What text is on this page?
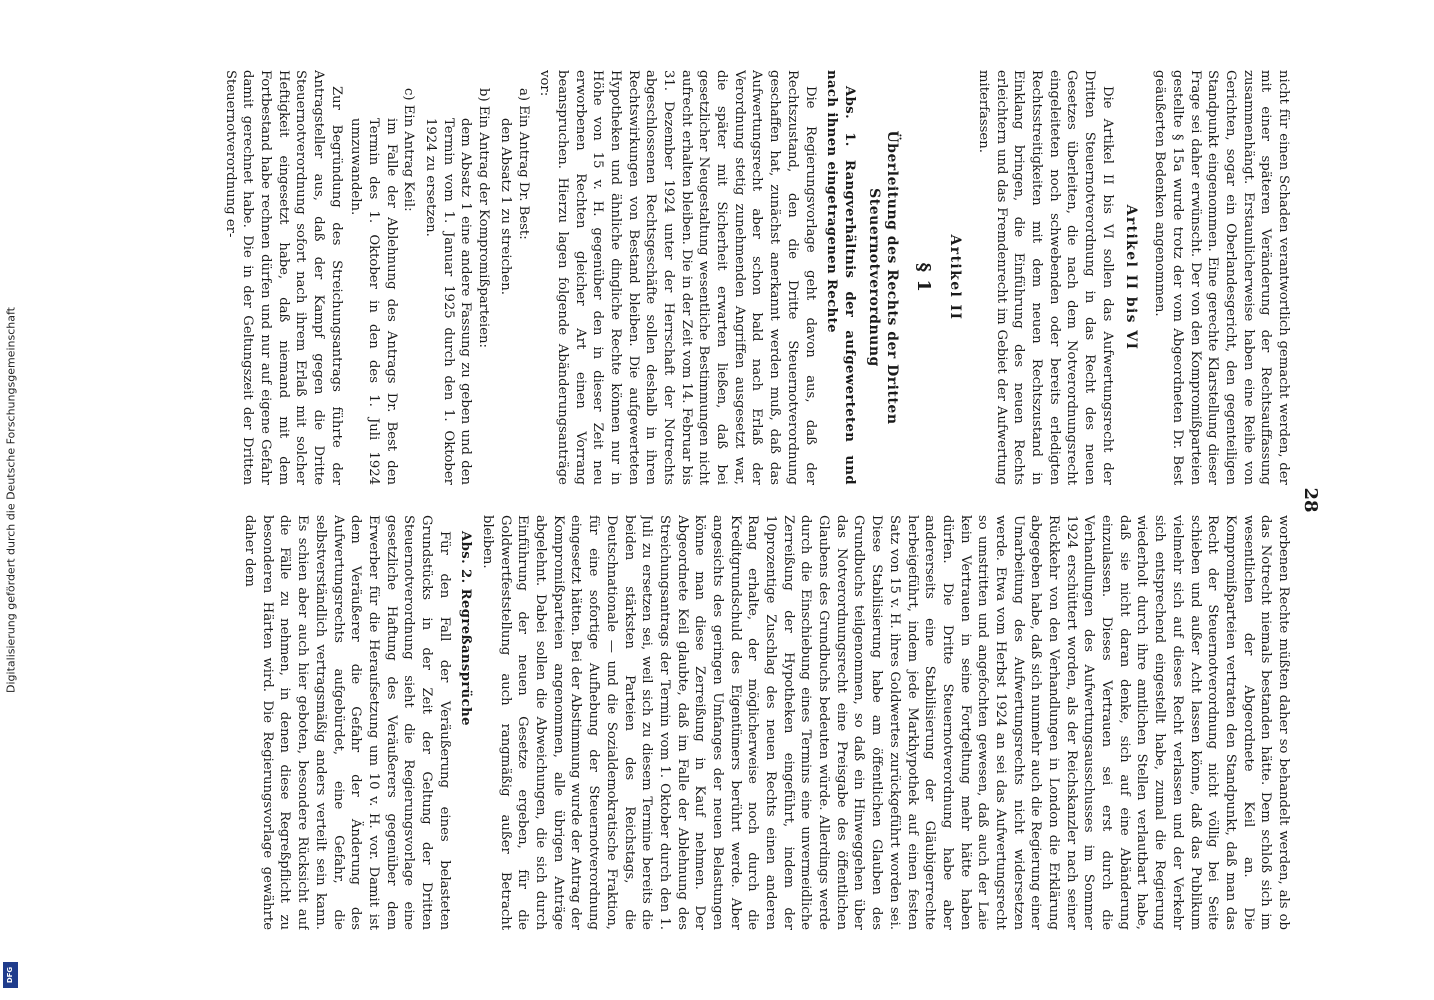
Digitalisierung gefördert durch die Deutsche Forschungsgemeinschaft
DFG
28

nicht für einen Schaden verantwortlich gemacht werden, der mit einer späteren Veränderung der Rechtsauffassung zusammenhängt. Erstaunlicherweise haben eine Reihe von Gerichten, sogar ein Oberlandesgericht, den gegenteiligen Standpunkt eingenommen. Eine gerechte Klarstellung dieser Frage sei daher erwünscht. Der von den Kompromißparteien gestellte § 15a wurde trotz der vom Abgeordneten Dr. Best geäußerten Bedenken angenommen.

Artikel II bis VI

Die Artikel II bis VI sollen das Aufwertungsrecht der Dritten Steuernotverordnung in das Recht des neuen Gesetzes überleiten, die nach dem Notverordnungsrecht eingeleiteten noch schwebenden oder bereits erledigten Rechtsstreitigkeiten mit dem neuen Rechtszustand in Einklang bringen, die Einführung des neuen Rechts erleichtern und das Fremdenrecht im Gebiet der Aufwertung miterfassen.

Artikel II
§ 1
Überleitung des Rechts der Dritten Steuernotverordnung
Abs. 1. Rangverhältnis der aufgewerteten und nach ihnen eingetragenen Rechte

Die Regierungsvorlage geht davon aus, daß der Rechtszustand, den die Dritte Steuernotverordnung geschaffen hat, zunächst anerkannt werden muß, daß das Aufwertungsrecht aber schon bald nach Erlaß der Verordnung stetig zunehmenden Angriffen ausgesetzt war, die später mit Sicherheit erwarten ließen, daß bei gesetzlicher Neugestaltung wesentliche Bestimmungen nicht aufrecht erhalten bleiben. Die in der Zeit vom 14. Februar bis 31. Dezember 1924 unter der Herrschaft der Notrechts abgeschlossenen Rechtsgeschäfte sollen deshalb in ihren Rechtswirkungen von Bestand bleiben. Die aufgewerteten Hypotheken und ähnliche dingliche Rechte können nur in Höhe von 15 v. H. gegenüber den in dieser Zeit neu erworbenen Rechten gleicher Art einen Vorrang beanspruchen. Hierzu lagen folgende Abänderungsanträge vor:

a) Ein Antrag Dr. Best:
den Absatz 1 zu streichen.
b) Ein Antrag der Kompromißparteien:
dem Absatz 1 eine andere Fassung zu geben und den Termin vom 1. Januar 1925 durch den 1. Oktober 1924 zu ersetzen.
c) Ein Antrag Keil:
im Falle der Ablehnung des Antrags Dr. Best den Termin des 1. Oktober in den des 1. Juli 1924 umzuwandeln.

Zur Begründung des Streichungsantrags führte der Antragsteller aus, daß der Kampf gegen die Dritte Steuernotverordnung sofort nach ihrem Erlaß mit solcher Heftigkeit eingesetzt habe, daß niemand mit dem Fortbestand habe rechnen dürfen und nur auf eigene Gefahr damit gerechnet habe. Die in der Geltungszeit der Dritten Steuernotverordnung er-

worbenen Rechte müßten daher so behandelt werden, als ob das Notrecht niemals bestanden hätte. Dem schloß sich im wesentlichen der Abgeordnete Keil an. Die Kompromißparteien vertraten den Standpunkt, daß man das Recht der Steuernotverordnung nicht völlig bei Seite schieben und außer Acht lassen könne, daß das Publikum vielmehr sich auf dieses Recht verlassen und der Verkehr sich entsprechend eingestellt habe, zumal die Regierung wiederholt durch ihre amtlichen Stellen verlautbart habe, daß sie nicht daran denke, sich auf eine Abänderung einzulassen. Dieses Vertrauen sei erst durch die Verhandlungen des Aufwertungsausschusses im Sommer 1924 erschüttert worden, als der Reichskanzler nach seiner Rückkehr von den Verhandlungen in London die Erklärung abgegeben habe, daß sich nunmehr auch die Regierung einer Umarbeitung des Aufwertungsrechts nicht widersetzen werde. Etwa vom Herbst 1924 an sei das Aufwertungsrecht so umstritten und angefochten gewesen, daß auch der Laie kein Vertrauen in seine Fortgeltung mehr hätte haben dürfen. Die Dritte Steuernotverordnung habe aber andererseits eine Stabilisierung der Gläubigerrechte herbeigeführt, indem jede Markhypothek auf einen festen Satz von 15 v. H. ihres Goldwertes zurückgeführt worden sei. Diese Stabilisierung habe am öffentlichen Glauben des Grundbuchs teilgenommen, so daß ein Hinweggehen über das Notverordnungsrecht eine Preisgabe des öffentlichen Glaubens des Grundbuchs bedeuten würde. Allerdings werde durch die Einschiebung eines Termins eine unvermeidliche Zerreißung der Hypotheken eingeführt, indem der 10prozentige Zuschlag des neuen Rechts einen anderen Rang erhalte, der möglicherweise noch durch die Kreditgrundschuld des Eigentümers berührt werde. Aber angesichts des geringen Umfanges der neuen Belastungen könne man diese Zerreißung in Kauf nehmen. Der Abgeordnete Keil glaubte, daß im Falle der Ablehnung des Streichungsantrags der Termin vom 1. Oktober durch den 1. Juli zu ersetzen sei, weil sich zu diesem Termine bereits die beiden stärksten Parteien des Reichstags, die Deutschnationale — und die Sozialdemokratische Fraktion, für eine sofortige Aufhebung der Steuernotverordnung eingesetzt hätten. Bei der Abstimmung wurde der Antrag der Kompromißparteien angenommen, alle übrigen Anträge abgelehnt. Dabei sollen die Abweichungen, die sich durch Einführung der neuen Gesetze ergeben, für die Goldwertfeststellung auch rangmäßig außer Betracht bleiben.

Abs. 2. Regreßansprüche

Für den Fall der Veräußerung eines belasteten Grundstücks in der Zeit der Geltung der Dritten Steuernotverordnung sieht die Regierungsvorlage eine gesetzliche Haftung des Veräußerers gegenüber dem Erwerber für die Heraufsetzung um 10 v. H. vor. Damit ist dem Veräußerer die Gefahr der Änderung des Aufwertungsrechts aufgebürdet, eine Gefahr, die selbstverständlich vertragsmäßig anders verteilt sein kann. Es schien aber auch hier geboten, besondere Rücksicht auf die Fälle zu nehmen, in denen diese Regreßpflicht zu besonderen Härten wird. Die Regierungsvorlage gewährte daher dem
